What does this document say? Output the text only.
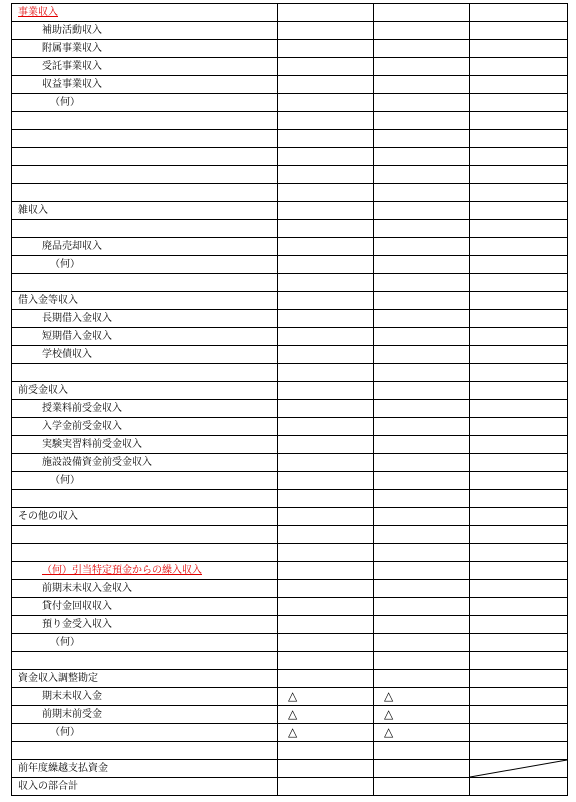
事業収入			
補助活動収入			
附属事業収入			
受託事業収入			
収益事業収入			
（何）			

雑収入			

廃品売却収入			
（何）			

借入金等収入			
長期借入金収入			
短期借入金収入			
学校債収入			

前受金収入			
授業料前受金収入			
入学金前受金収入			
実験実習料前受金収入			
施設設備資金前受金収入			
（何）			

その他の収入			

（何）引当特定預金からの繰入収入			
前期末未収入金収入			
貸付金回収収入			
預り金受入収入			
（何）			

資金収入調整勘定			
期末未収入金	△	△	
前期末前受金	△	△	
（何）	△	△	

前年度繰越支払資金			

収入の部合計			
